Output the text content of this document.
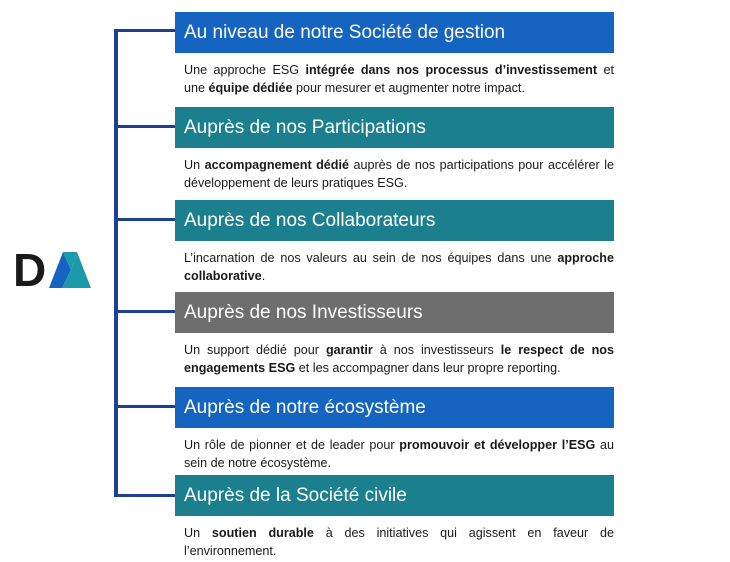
D
Au niveau de notre Société de gestion
Une approche ESG intégrée dans nos processus d’investissement et une équipe dédiée pour mesurer et augmenter notre impact.
Auprès de nos Participations
Un accompagnement dédié auprès de nos participations pour accélérer le développement de leurs pratiques ESG.
Auprès de nos Collaborateurs
L’incarnation de nos valeurs au sein de nos équipes dans une approche collaborative.
Auprès de nos Investisseurs
Un support dédié pour garantir à nos investisseurs le respect de nos engagements ESG et les accompagner dans leur propre reporting.
Auprès de notre écosystème
Un rôle de pionner et de leader pour promouvoir et développer l’ESG au sein de notre écosystème.
Auprès de la Société civile
Un soutien durable à des initiatives qui agissent en faveur de l’environnement.
